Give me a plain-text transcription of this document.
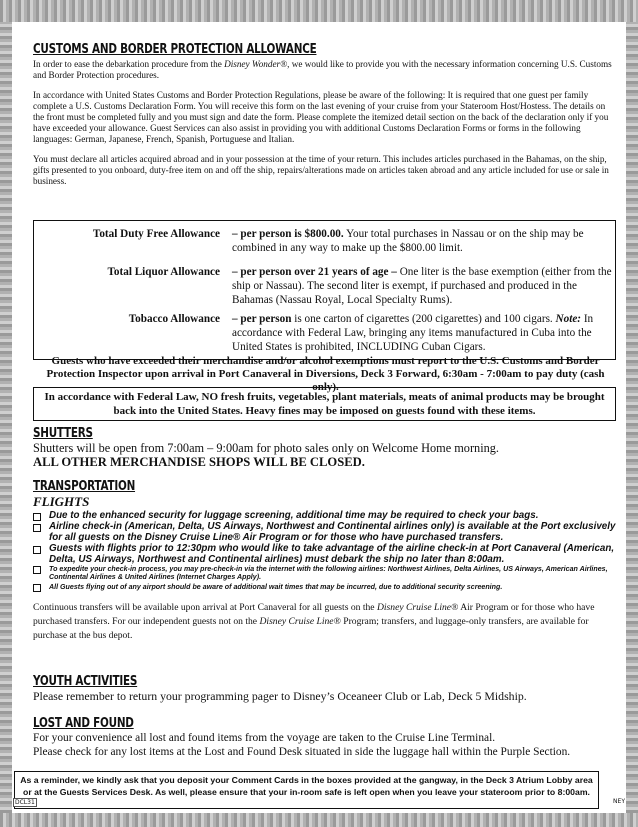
CUSTOMS AND BORDER PROTECTION ALLOWANCE

In order to ease the debarkation procedure from the Disney Wonder®, we would like to provide you with the necessary information concerning U.S. Customs and Border Protection procedures.

In accordance with United States Customs and Border Protection Regulations, please be aware of the following: It is required that one guest per family complete a U.S. Customs Declaration Form. You will receive this form on the last evening of your cruise from your Stateroom Host/Hostess. The details on the front must be completed fully and you must sign and date the form. Please complete the itemized detail section on the back of the declaration only if you have exceeded your allowance. Guest Services can also assist in providing you with additional Customs Declaration Forms or forms in the following languages: German, Japanese, French, Spanish, Portuguese and Italian.

You must declare all articles acquired abroad and in your possession at the time of your return. This includes articles purchased in the Bahamas, on the ship, gifts presented to you onboard, duty-free item on and off the ship, repairs/alterations made on articles taken abroad and any article included for use or sale in business.

Total Duty Free Allowance – per person is $800.00. Your total purchases in Nassau or on the ship may be combined in any way to make up the $800.00 limit.
Total Liquor Allowance – per person over 21 years of age – One liter is the base exemption (either from the ship or Nassau). The second liter is exempt, if purchased and produced in the Bahamas (Nassau Royal, Local Specialty Rums).
Tobacco Allowance – per person is one carton of cigarettes (200 cigarettes) and 100 cigars. Note: In accordance with Federal Law, bringing any items manufactured in Cuba into the United States is prohibited, INCLUDING Cuban Cigars.
Guests who have exceeded their merchandise and/or alcohol exemptions must report to the U.S. Customs and Border Protection Inspector upon arrival in Port Canaveral in Diversions, Deck 3 Forward, 6:30am - 7:00am to pay duty (cash only).
In accordance with Federal Law, NO fresh fruits, vegetables, plant materials, meats of animal products may be brought back into the United States. Heavy fines may be imposed on guests found with these items.
SHUTTERS

Shutters will be open from 7:00am – 9:00am for photo sales only on Welcome Home morning.

ALL OTHER MERCHANDISE SHOPS WILL BE CLOSED.

TRANSPORTATION

FLIGHTS

Due to the enhanced security for luggage screening, additional time may be required to check your bags.
Airline check-in (American, Delta, US Airways, Northwest and Continental airlines only) is available at the Port exclusively for all guests on the Disney Cruise Line® Air Program or for those who have purchased transfers.
Guests with flights prior to 12:30pm who would like to take advantage of the airline check-in at Port Canaveral (American, Delta, US Airways, Northwest and Continental airlines) must debark the ship no later than 8:00am.
To expedite your check-in process, you may pre-check-in via the internet with the following airlines: Northwest Airlines, Delta Airlines, US Airways, American Airlines, Continental Airlines & United Airlines (Internet Charges Apply).
All Guests flying out of any airport should be aware of additional wait times that may be incurred, due to additional security screening.

Continuous transfers will be available upon arrival at Port Canaveral for all guests on the Disney Cruise Line® Air Program or for those who have purchased transfers. For our independent guests not on the Disney Cruise Line® Program; transfers, and luggage-only transfers, are available for purchase at the bus depot.

YOUTH ACTIVITIES

Please remember to return your programming pager to Disney’s Oceaneer Club or Lab, Deck 5 Midship.

LOST AND FOUND

For your convenience all lost and found items from the voyage are taken to the Cruise Line Terminal.

Please check for any lost items at the Lost and Found Desk situated in side the luggage hall within the Purple Section.

As a reminder, we kindly ask that you deposit your Comment Cards in the boxes provided at the gangway, in the Deck 3 Atrium Lobby area or at the Guests Services Desk. As well, please ensure that your in-room safe is left open when you leave your stateroom prior to 8:00am.
DCL31	NEY
